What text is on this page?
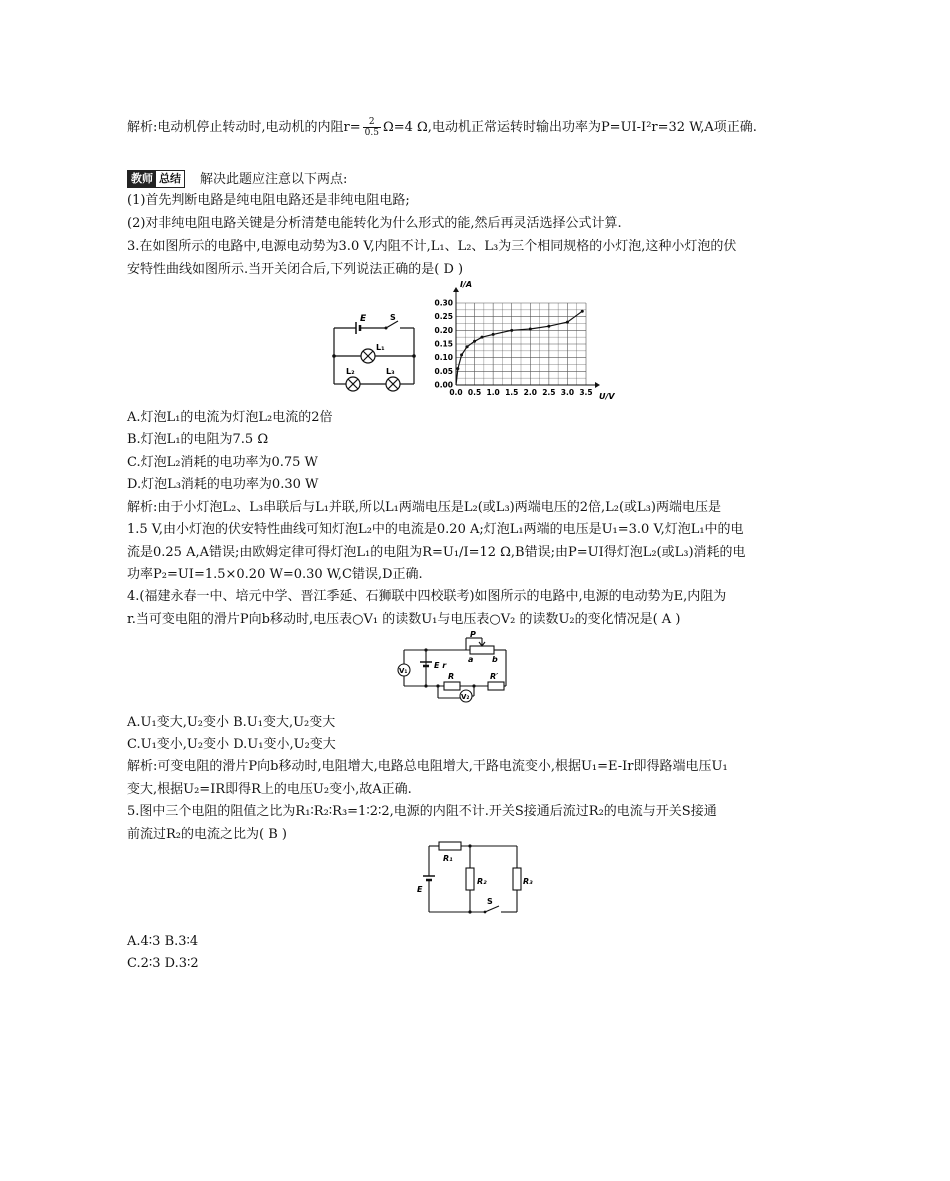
解析:电动机停止转动时,电动机的内阻$r= \frac{2}{0.5} \Omega=4$ Ω,电动机正常运转时输出功率为P=UI-I²r=32 W,A项正确.
教师 总结 解决此题应注意以下两点:
(1)首先判断电路是纯电阻电路还是非纯电阻电路;
(2)对非纯电阻电路关键是分析清楚电能转化为什么形式的能,然后再灵活选择公式计算.
3.在如图所示的电路中,电源电动势为3.0 V,内阻不计,L₁、L₂、L₃为三个相同规格的小灯泡,这种小灯泡的伏
安特性曲线如图所示.当开关闭合后,下列说法正确的是( D )
E	S
L₁
L₂	L₃
0.0 0.5 1.0 1.5 2.0 2.5 3.0 3.5
0.00
0.05
0.10
0.15
0.20
0.25
0.30
I/A
U/V
A.灯泡L₁的电流为灯泡L₂电流的2倍
B.灯泡L₁的电阻为7.5 Ω
C.灯泡L₂消耗的电功率为0.75 W
D.灯泡L₃消耗的电功率为0.30 W
解析:由于小灯泡L₂、L₃串联后与L₁并联,所以L₁两端电压是L₂(或L₃)两端电压的2倍,L₂(或L₃)两端电压是
1.5 V,由小灯泡的伏安特性曲线可知灯泡L₂中的电流是0.20 A;灯泡L₁两端的电压是U₁=3.0 V,灯泡L₁中的电
流是0.25 A,A错误;由欧姆定律可得灯泡L₁的电阻为R=U₁/I=12 Ω,B错误;由P=UI得灯泡L₂(或L₃)消耗的电
功率P₂=UI=1.5×0.20 W=0.30 W,C错误,D正确.
4.(福建永春一中、培元中学、晋江季延、石狮联中四校联考)如图所示的电路中,电源的电动势为E,内阻为
r.当可变电阻的滑片P向b移动时,电压表○V₁ 的读数U₁与电压表○V₂ 的读数U₂的变化情况是( A )
P
a b
V₁
V₂
E r
R	R′
A.U₁变大,U₂变小 B.U₁变大,U₂变大
C.U₁变小,U₂变小 D.U₁变小,U₂变大
解析:可变电阻的滑片P向b移动时,电阻增大,电路总电阻增大,干路电流变小,根据U₁=E-Ir即得路端电压U₁
变大,根据U₂=IR即得R上的电压U₂变小,故A正确.
5.图中三个电阻的阻值之比为R₁∶R₂∶R₃=1∶2∶2,电源的内阻不计.开关S接通后流过R₂的电流与开关S接通
前流过R₂的电流之比为( B )
R₁
R₂	R₃
E
S
A.4∶3 B.3∶4
C.2∶3 D.3∶2
